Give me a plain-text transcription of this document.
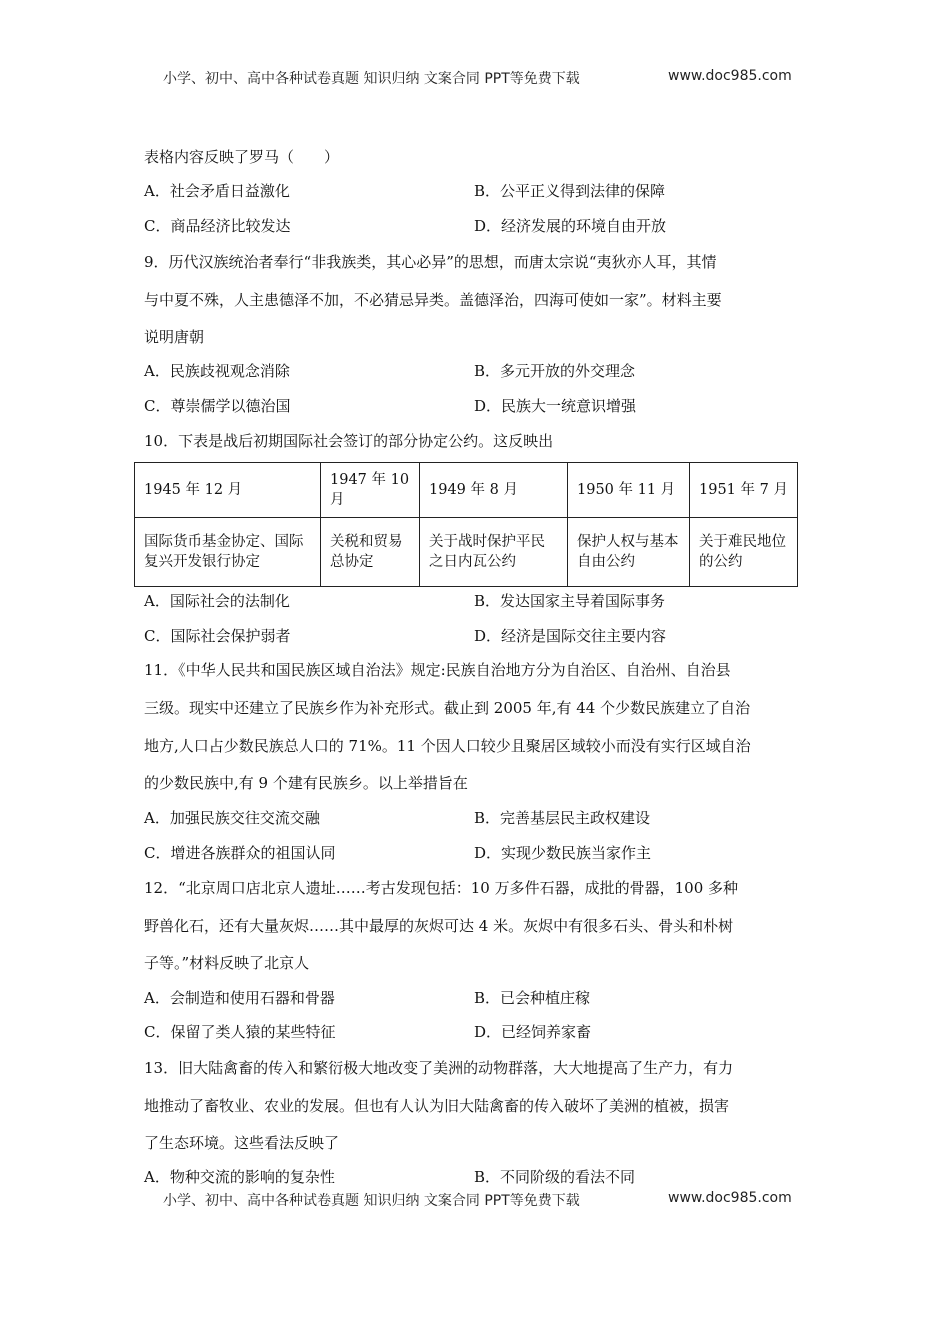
小学、初中、高中各种试卷真题 知识归纳 文案合同 PPT等免费下载	www.doc985.com
表格内容反映了罗马（　　）
A．社会矛盾日益激化	B．公平正义得到法律的保障
C．商品经济比较发达	D．经济发展的环境自由开放
9．历代汉族统治者奉行“非我族类，其心必异”的思想，而唐太宗说“夷狄亦人耳，其情
与中夏不殊，人主患德泽不加，不必猜忌异类。盖德泽治，四海可使如一家”。材料主要
说明唐朝
A．民族歧视观念消除	B．多元开放的外交理念
C．尊崇儒学以德治国	D．民族大一统意识增强
10．下表是战后初期国际社会签订的部分协定公约。这反映出
1945 年 12 月	1947 年 10 月	1949 年 8 月	1950 年 11 月	1951 年 7 月
国际货币基金协定、国际复兴开发银行协定	关税和贸易总协定	关于战时保护平民之日内瓦公约	保护人权与基本自由公约	关于难民地位的公约
A．国际社会的法制化	B．发达国家主导着国际事务
C．国际社会保护弱者	D．经济是国际交往主要内容
11．《中华人民共和国民族区域自治法》规定:民族自治地方分为自治区、自治州、自治县
三级。现实中还建立了民族乡作为补充形式。截止到 2005 年,有 44 个少数民族建立了自治
地方,人口占少数民族总人口的 71%。11 个因人口较少且聚居区域较小而没有实行区域自治
的少数民族中,有 9 个建有民族乡。以上举措旨在
A．加强民族交往交流交融	B．完善基层民主政权建设
C．增进各族群众的祖国认同	D．实现少数民族当家作主
12．“北京周口店北京人遗址……考古发现包括：10 万多件石器，成批的骨器，100 多种
野兽化石，还有大量灰烬……其中最厚的灰烬可达 4 米。灰烬中有很多石头、骨头和朴树
子等。”材料反映了北京人
A．会制造和使用石器和骨器	B．已会种植庄稼
C．保留了类人猿的某些特征	D．已经饲养家畜
13．旧大陆禽畜的传入和繁衍极大地改变了美洲的动物群落，大大地提高了生产力，有力
地推动了畜牧业、农业的发展。但也有人认为旧大陆禽畜的传入破坏了美洲的植被，损害
了生态环境。这些看法反映了
A．物种交流的影响的复杂性	B．不同阶级的看法不同
小学、初中、高中各种试卷真题 知识归纳 文案合同 PPT等免费下载	www.doc985.com
